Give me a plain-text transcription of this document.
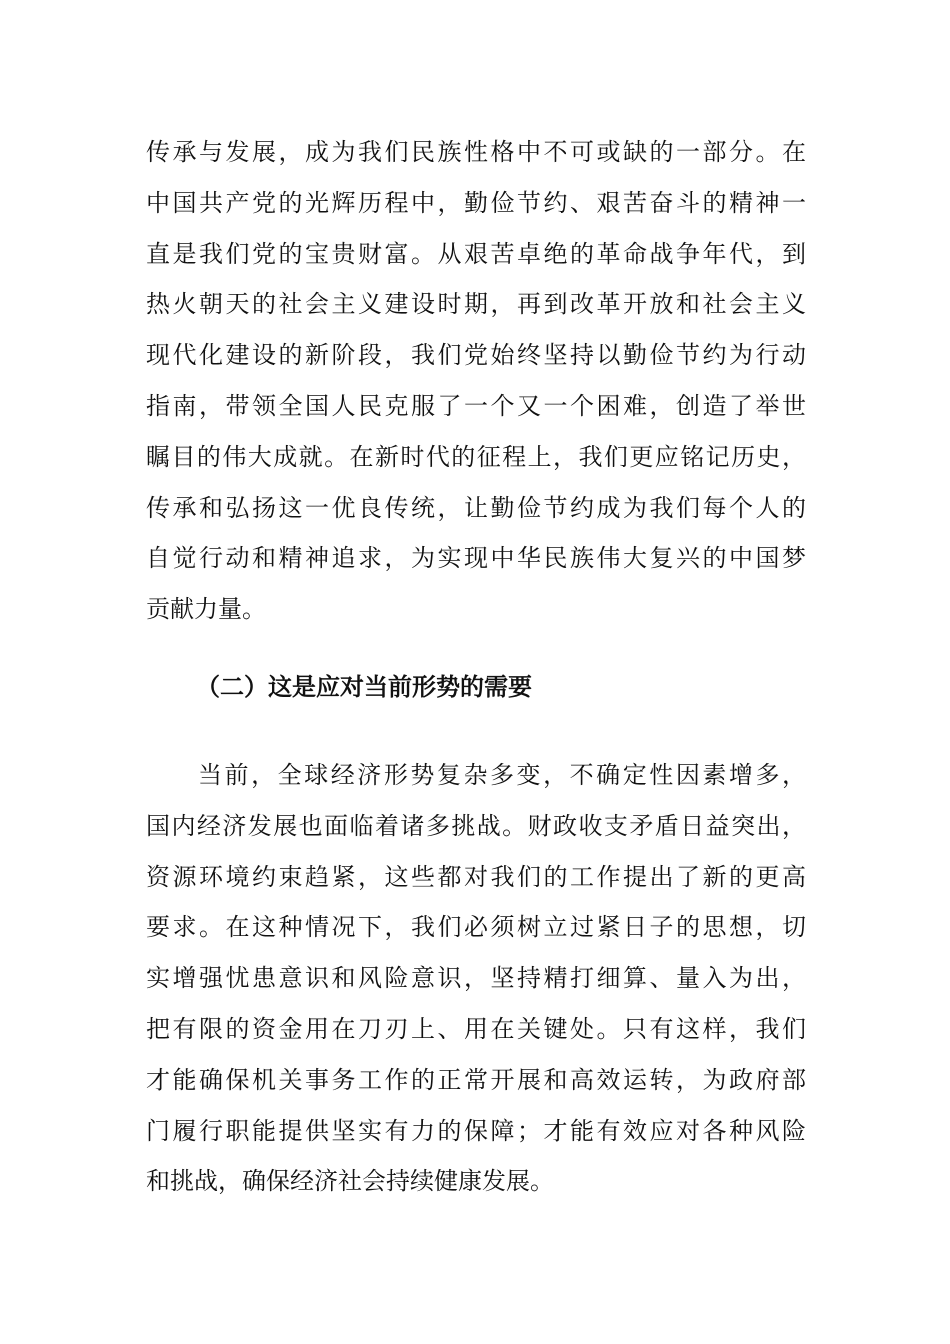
传承与发展，成为我们民族性格中不可或缺的一部分。在
中国共产党的光辉历程中，勤俭节约、艰苦奋斗的精神一
直是我们党的宝贵财富。从艰苦卓绝的革命战争年代，到
热火朝天的社会主义建设时期，再到改革开放和社会主义
现代化建设的新阶段，我们党始终坚持以勤俭节约为行动
指南，带领全国人民克服了一个又一个困难，创造了举世
瞩目的伟大成就。在新时代的征程上，我们更应铭记历史，
传承和弘扬这一优良传统，让勤俭节约成为我们每个人的
自觉行动和精神追求，为实现中华民族伟大复兴的中国梦
贡献力量。
（二）这是应对当前形势的需要
当前，全球经济形势复杂多变，不确定性因素增多，
国内经济发展也面临着诸多挑战。财政收支矛盾日益突出，
资源环境约束趋紧，这些都对我们的工作提出了新的更高
要求。在这种情况下，我们必须树立过紧日子的思想，切
实增强忧患意识和风险意识，坚持精打细算、量入为出，
把有限的资金用在刀刃上、用在关键处。只有这样，我们
才能确保机关事务工作的正常开展和高效运转，为政府部
门履行职能提供坚实有力的保障；才能有效应对各种风险
和挑战，确保经济社会持续健康发展。
